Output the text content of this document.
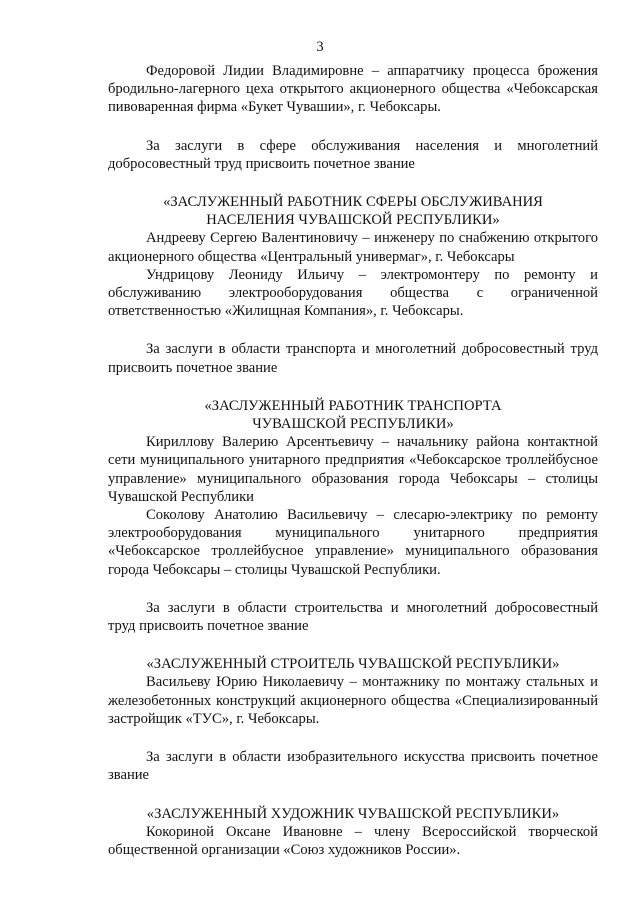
3

Федоровой Лидии Владимировне – аппаратчику процесса брожения бродильно-лагерного цеха открытого акционерного общества «Чебоксарская пивоваренная фирма «Букет Чувашии», г. Чебоксары.

За заслуги в сфере обслуживания населения и многолетний добросовестный труд присвоить почетное звание

«ЗАСЛУЖЕННЫЙ РАБОТНИК СФЕРЫ ОБСЛУЖИВАНИЯ
НАСЕЛЕНИЯ ЧУВАШСКОЙ РЕСПУБЛИКИ»

Андрееву Сергею Валентиновичу – инженеру по снабжению открытого акционерного общества «Центральный универмаг», г. Чебоксары

Ундрицову Леониду Ильичу – электромонтеру по ремонту и обслуживанию электрооборудования общества с ограниченной ответственностью «Жилищная Компания», г. Чебоксары.

За заслуги в области транспорта и многолетний добросовестный труд присвоить почетное звание

«ЗАСЛУЖЕННЫЙ РАБОТНИК ТРАНСПОРТА
ЧУВАШСКОЙ РЕСПУБЛИКИ»

Кириллову Валерию Арсентьевичу – начальнику района контактной сети муниципального унитарного предприятия «Чебоксарское троллейбусное управление» муниципального образования города Чебоксары – столицы Чувашской Республики

Соколову Анатолию Васильевичу – слесарю-электрику по ремонту электрооборудования муниципального унитарного предприятия «Чебоксарское троллейбусное управление» муниципального образования города Чебоксары – столицы Чувашской Республики.

За заслуги в области строительства и многолетний добросовестный труд присвоить почетное звание

«ЗАСЛУЖЕННЫЙ СТРОИТЕЛЬ ЧУВАШСКОЙ РЕСПУБЛИКИ»

Васильеву Юрию Николаевичу – монтажнику по монтажу стальных и железобетонных конструкций акционерного общества «Специализированный застройщик «ТУС», г. Чебоксары.

За заслуги в области изобразительного искусства присвоить почетное звание

«ЗАСЛУЖЕННЫЙ ХУДОЖНИК ЧУВАШСКОЙ РЕСПУБЛИКИ»

Кокориной Оксане Ивановне – члену Всероссийской творческой общественной организации «Союз художников России».
